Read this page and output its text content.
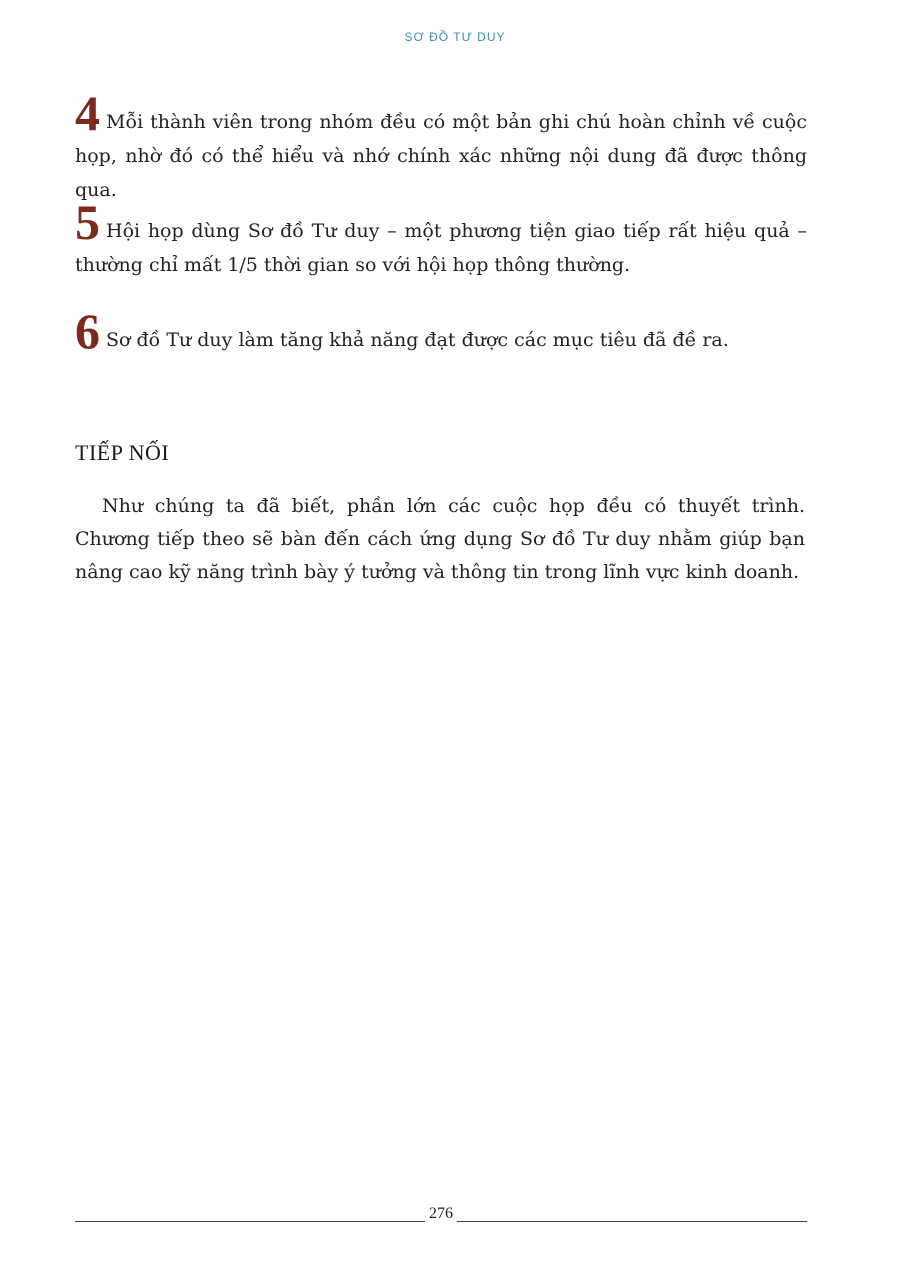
SƠ ĐỒ TƯ DUY
4 Mỗi thành viên trong nhóm đều có một bản ghi chú hoàn chỉnh về cuộc họp, nhờ đó có thể hiểu và nhớ chính xác những nội dung đã được thông qua.
5 Hội họp dùng Sơ đồ Tư duy – một phương tiện giao tiếp rất hiệu quả – thường chỉ mất 1/5 thời gian so với hội họp thông thường.
6 Sơ đồ Tư duy làm tăng khả năng đạt được các mục tiêu đã đề ra.
TIẾP NỐI
Như chúng ta đã biết, phần lớn các cuộc họp đều có thuyết trình. Chương tiếp theo sẽ bàn đến cách ứng dụng Sơ đồ Tư duy nhằm giúp bạn nâng cao kỹ năng trình bày ý tưởng và thông tin trong lĩnh vực kinh doanh.
276
